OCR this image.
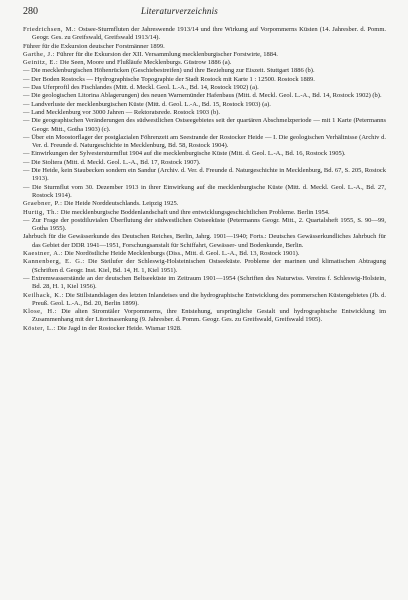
280	Literaturverzeichnis
Friedrichsen, M.: Ostsee-Sturmfluten der Jahreswende 1913/14 und ihre Wirkung auf Vorpommerns Küsten (14. Jahresber. d. Pomm. Geogr. Ges. zu Greifswald, Greifswald 1913/14).
Führer für die Exkursion deutscher Forstmänner 1899.
Garthe, J.: Führer für die Exkursion der XII. Versammlung mecklenburgischer Forstwirte, 1884.
Geinitz, E.: Die Seen, Moore und Flußläufe Mecklenburgs. Güstrow 1886 (a).
— Die mecklenburgischen Höhenrücken (Geschiebestreifen) und ihre Beziehung zur Eiszeit. Stuttgart 1886 (b).
— Der Boden Rostocks — Hydrographische Topographie der Stadt Rostock mit Karte 1 : 12500. Rostock 1889.
— Das Uferprofil des Fischlandes (Mitt. d. Meckl. Geol. L.-A., Bd. 14, Rostock 1902) (a).
— Die geologischen Litorina Ablagerungen) des neuen Warnemünder Hafenbaus (Mitt. d. Meckl. Geol. L.-A., Bd. 14, Rostock 1902) (b).
— Landverluste der mecklenburgischen Küste (Mitt. d. Geol. L.-A., Bd. 15, Rostock 1903) (a).
— Land Mecklenburg vor 3000 Jahren — Rektoratsrede. Rostock 1903 (b).
— Die geographischen Veränderungen des südwestlichen Ostseegebietes seit der quartären Abschmelzperiode — mit 1 Karte (Petermanns Geogr. Mitt., Gotha 1903) (c).
— Über ein Moostorflager der postglazialen Föhrenzeit am Seestrande der Rostocker Heide — I. Die geologischen Verhältnisse (Archiv d. Ver. d. Freunde d. Naturgeschichte in Mecklenburg, Bd. 58, Rostock 1904).
— Einwirkungen der Sylvestersturmflut 1904 auf die mecklenburgische Küste (Mitt. d. Geol. L.-A., Bd. 16, Rostock 1905).
— Die Stoltera (Mitt. d. Meckl. Geol. L.-A., Bd. 17, Rostock 1907).
— Die Heide, kein Staubecken sondern ein Sandur (Archiv. d. Ver. d. Freunde d. Naturgeschichte in Mecklenburg, Bd. 67, S. 205, Rostock 1913).
— Die Sturmflut vom 30. Dezember 1913 in ihrer Einwirkung auf die mecklenburgische Küste (Mitt. d. Meckl. Geol. L.-A., Bd. 27, Rostock 1914).
Graebner, P.: Die Heide Norddeutschlands. Leipzig 1925.
Hurtig, Th.: Die mecklenburgische Boddenlandschaft und ihre entwicklungsgeschichtlichen Probleme. Berlin 1954.
— Zur Frage der postdiluvialen Überflutung der südwestlichen Ostseeküste (Petermanns Geogr. Mitt., 2. Quartalsheft 1955, S. 90—99, Gotha 1955).
Jahrbuch für die Gewässerkunde des Deutschen Reiches, Berlin, Jahrg. 1901—1940; Forts.: Deutsches Gewässerkundliches Jahrbuch für das Gebiet der DDR 1941—1951, Forschungsanstalt für Schiffahrt, Gewässer- und Bodenkunde, Berlin.
Kaestner, A.: Die Nordöstliche Heide Mecklenburgs (Diss., Mitt. d. Geol. L.-A., Bd. 13, Rostock 1901).
Kannenberg, E. G.: Die Steilufer der Schleswig-Holsteinischen Ostseeküste. Probleme der marinen und klimatischen Abtragung (Schriften d. Geogr. Inst. Kiel, Bd. 14, H. 1, Kiel 1951).
— Extremwasserstände an der deutschen Beltseeküste im Zeitraum 1901—1954 (Schriften des Naturwiss. Vereins f. Schleswig-Holstein, Bd. 28, H. 1, Kiel 1956).
Keilhack, K.: Die Stillstandslagen des letzten Inlandeises und die hydrographische Entwicklung des pommerschen Küstengebietes (Jb. d. Preuß. Geol. L.-A., Bd. 20, Berlin 1899).
Klose, H.: Die alten Stromtäler Vorpommerns, ihre Entstehung, ursprüngliche Gestalt und hydrographische Entwicklung im Zusammenhang mit der Litorinasenkung (9. Jahresber. d. Pomm. Geogr. Ges. zu Greifswald, Greifswald 1905).
Köster, L.: Die Jagd in der Rostocker Heide. Wismar 1928.
